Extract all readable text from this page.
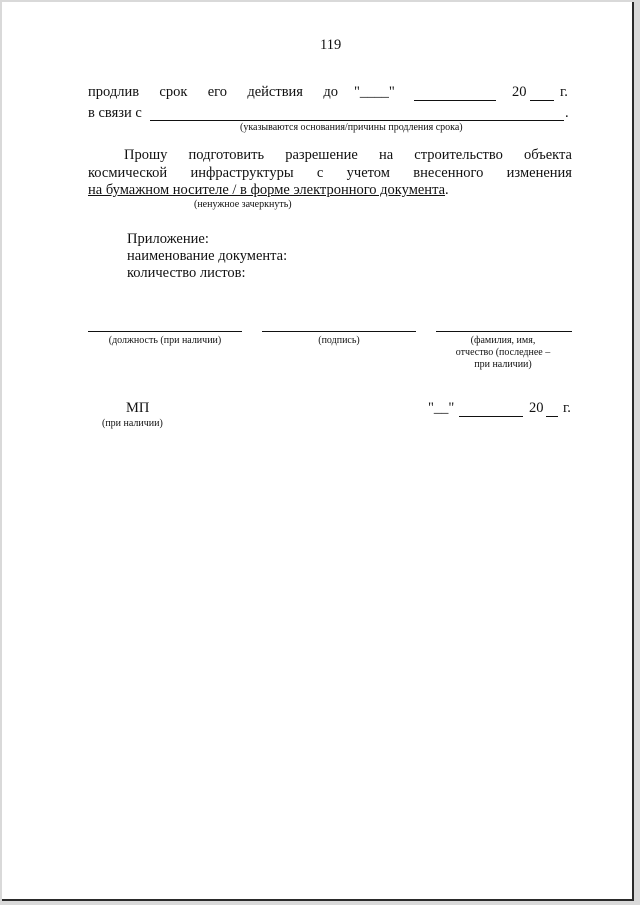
119
продлив срок его действия до "____"	20 г.
в связи с	.
(указываются основания/причины продления срока)
Прошу подготовить разрешение на строительство объекта
космической инфраструктуры с учетом внесенного изменения
на бумажном носителе / в форме электронного документа.
(ненужное зачеркнуть)
Приложение:
наименование документа:
количество листов:
(должность (при наличии)	(подпись)	(фамилия, имя,
отчество (последнее –
при наличии)
МП
(при наличии)
"__"	20 г.
